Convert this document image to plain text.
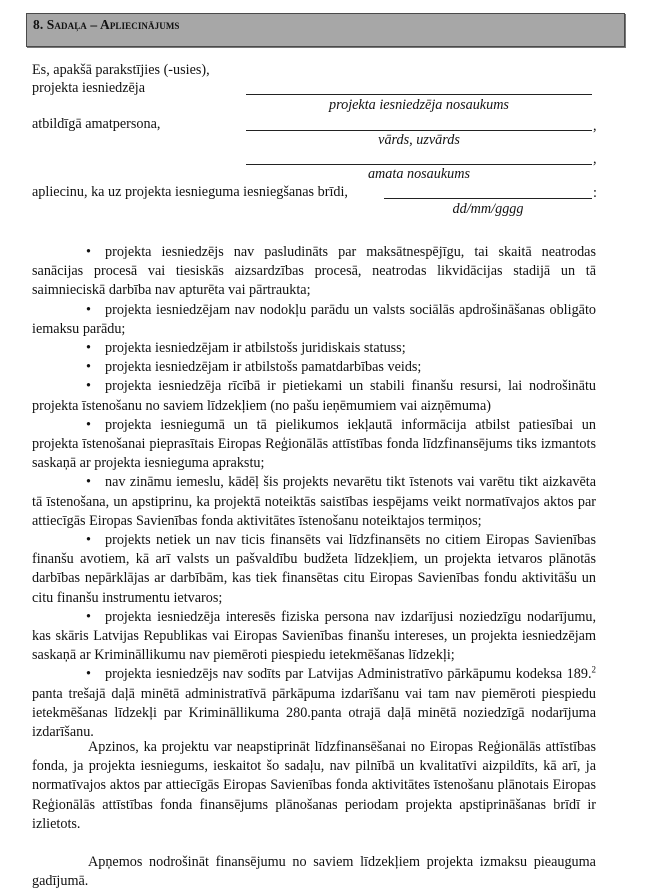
8. Sadaļa – Apliecinājums
Es, apakšā parakstījies (-usies),
projekta iesniedzēja
projekta iesniedzēja nosaukums
atbildīgā amatpersona,	,
vārds, uzvārds
,
amata nosaukums
apliecinu, ka uz projekta iesnieguma iesniegšanas brīdi,	:
dd/mm/gggg

• projekta iesniedzējs nav pasludināts par maksātnespējīgu, tai skaitā neatrodas sanācijas procesā vai tiesiskās aizsardzības procesā, neatrodas likvidācijas stadijā un tā saimnieciskā darbība nav apturēta vai pārtraukta;

• projekta iesniedzējam nav nodokļu parādu un valsts sociālās apdrošināšanas obligāto iemaksu parādu;

• projekta iesniedzējam ir atbilstošs juridiskais statuss;

• projekta iesniedzējam ir atbilstošs pamatdarbības veids;

• projekta iesniedzēja rīcībā ir pietiekami un stabili finanšu resursi, lai nodrošinātu projekta īstenošanu no saviem līdzekļiem (no pašu ieņēmumiem vai aizņēmuma)

• projekta iesniegumā un tā pielikumos iekļautā informācija atbilst patiesībai un projekta īstenošanai pieprasītais Eiropas Reģionālās attīstības fonda līdzfinansējums tiks izmantots saskaņā ar projekta iesnieguma aprakstu;

• nav zināmu iemeslu, kādēļ šis projekts nevarētu tikt īstenots vai varētu tikt aizkavēta tā īstenošana, un apstiprinu, ka projektā noteiktās saistības iespējams veikt normatīvajos aktos par attiecīgās Eiropas Savienības fonda aktivitātes īstenošanu noteiktajos termiņos;

• projekts netiek un nav ticis finansēts vai līdzfinansēts no citiem Eiropas Savienības finanšu avotiem, kā arī valsts un pašvaldību budžeta līdzekļiem, un projekta ietvaros plānotās darbības nepārklājas ar darbībām, kas tiek finansētas citu Eiropas Savienības fondu aktivitāšu un citu finanšu instrumentu ietvaros;

• projekta iesniedzēja interesēs fiziska persona nav izdarījusi noziedzīgu nodarījumu, kas skāris Latvijas Republikas vai Eiropas Savienības finanšu intereses, un projekta iesniedzējam saskaņā ar Krimināllikumu nav piemēroti piespiedu ietekmēšanas līdzekļi;

• projekta iesniedzējs nav sodīts par Latvijas Administratīvo pārkāpumu kodeksa 189.$^2$ panta trešajā daļā minētā administratīvā pārkāpuma izdarīšanu vai tam nav piemēroti piespiedu ietekmēšanas līdzekļi par Krimināllikuma 280.panta otrajā daļā minētā noziedzīgā nodarījuma izdarīšanu.

Apzinos, ka projektu var neapstiprināt līdzfinansēšanai no Eiropas Reģionālās attīstības fonda, ja projekta iesniegums, ieskaitot šo sadaļu, nav pilnībā un kvalitatīvi aizpildīts, kā arī, ja normatīvajos aktos par attiecīgās Eiropas Savienības fonda aktivitātes īstenošanu plānotais Eiropas Reģionālās attīstības fonda finansējums plānošanas periodam projekta apstiprināšanas brīdī ir izlietots.

Apņemos nodrošināt finansējumu no saviem līdzekļiem projekta izmaksu pieauguma gadījumā.
